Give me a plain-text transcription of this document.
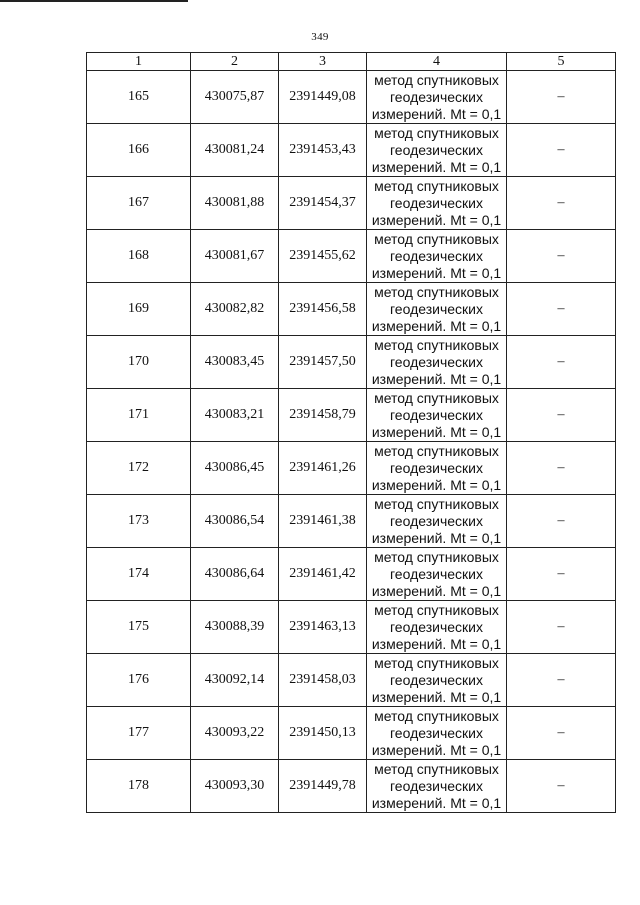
349
1	2	3	4	5
165	430075,87	2391449,08	метод спутниковых
геодезических
измерений. Mt = 0,1	–
166	430081,24	2391453,43	метод спутниковых
геодезических
измерений. Mt = 0,1	–
167	430081,88	2391454,37	метод спутниковых
геодезических
измерений. Mt = 0,1	–
168	430081,67	2391455,62	метод спутниковых
геодезических
измерений. Mt = 0,1	–
169	430082,82	2391456,58	метод спутниковых
геодезических
измерений. Mt = 0,1	–
170	430083,45	2391457,50	метод спутниковых
геодезических
измерений. Mt = 0,1	–
171	430083,21	2391458,79	метод спутниковых
геодезических
измерений. Mt = 0,1	–
172	430086,45	2391461,26	метод спутниковых
геодезических
измерений. Mt = 0,1	–
173	430086,54	2391461,38	метод спутниковых
геодезических
измерений. Mt = 0,1	–
174	430086,64	2391461,42	метод спутниковых
геодезических
измерений. Mt = 0,1	–
175	430088,39	2391463,13	метод спутниковых
геодезических
измерений. Mt = 0,1	–
176	430092,14	2391458,03	метод спутниковых
геодезических
измерений. Mt = 0,1	–
177	430093,22	2391450,13	метод спутниковых
геодезических
измерений. Mt = 0,1	–
178	430093,30	2391449,78	метод спутниковых
геодезических
измерений. Mt = 0,1	–
